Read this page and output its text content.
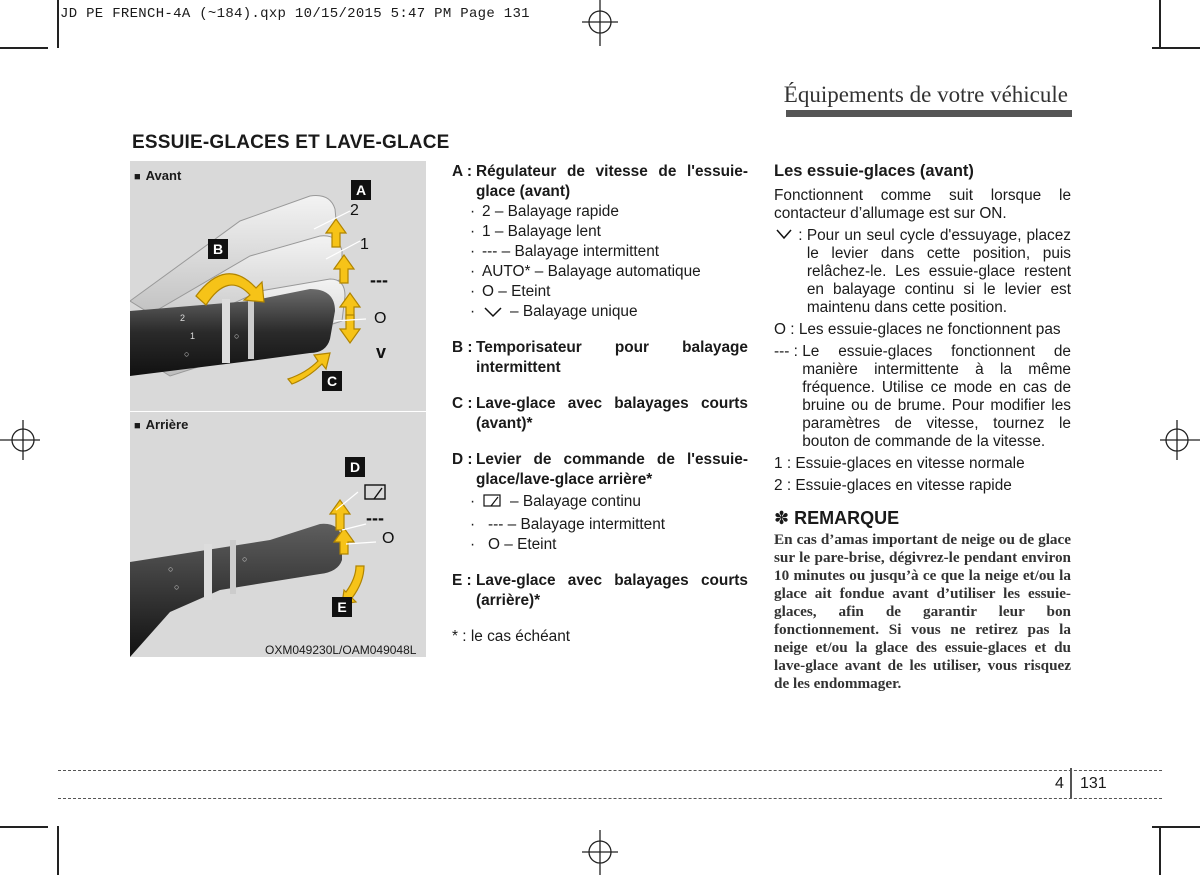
JD PE FRENCH-4A (~184).qxp 10/15/2015 5:47 PM Page 131
Équipements de votre véhicule
ESSUIE-GLACES ET LAVE-GLACE
2
1
○
○
■ Avant
A
B
C
2
1
---
O
v
○
○
○
■ Arrière
D
E
---
O
OXM049230L/OAM049048L
A : Régulateur de vitesse de l'essuie-glace (avant)
· 2 – Balayage rapide
· 1 – Balayage lent
· --- – Balayage intermittent
· AUTO* – Balayage automatique
· O – Eteint
·	– Balayage unique
B : Temporisateur pour balayage intermittent
C : Lave-glace avec balayages courts (avant)*
D : Levier de commande de l'essuie-glace/lave-glace arrière*
·	– Balayage continu
· --- – Balayage intermittent
· O – Eteint
E : Lave-glace avec balayages courts (arrière)*
* : le cas échéant
Les essuie-glaces (avant)
Fonctionnent comme suit lorsque le contacteur d’allumage est sur ON.
: Pour un seul cycle d'essuyage, placez le levier dans cette position, puis relâchez-le. Les essuie-glace restent en balayage continu si le levier est maintenu dans cette position.
O : Les essuie-glaces ne fonctionnent pas
--- : Le essuie-glaces fonctionnent de manière intermittente à la même fréquence. Utilise ce mode en cas de bruine ou de brume. Pour modifier les paramètres de vitesse, tournez le bouton de commande de la vitesse.
1 : Essuie-glaces en vitesse normale
2 : Essuie-glaces en vitesse rapide
✽ REMARQUE
En cas d’amas important de neige ou de glace sur le pare-brise, dégivrez-le pendant environ 10 minutes ou jusqu’à ce que la neige et/ou la glace ait fondue avant d’utiliser les essuie-glaces, afin de garantir leur bon fonctionnement. Si vous ne retirez pas la neige et/ou la glace des essuie-glaces et du lave-glace avant de les utiliser, vous risquez de les endommager.
4 131
